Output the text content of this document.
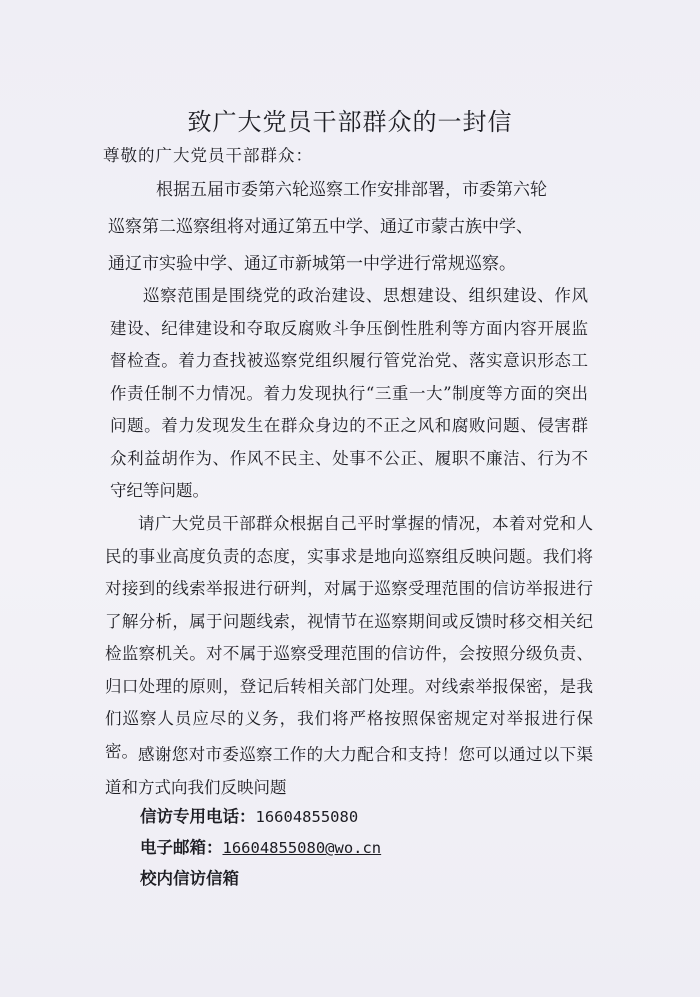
致广大党员干部群众的一封信
尊敬的广大党员干部群众：
根据五届市委第六轮巡察工作安排部署，市委第六轮
巡察第二巡察组将对通辽第五中学、通辽市蒙古族中学、
通辽市实验中学、通辽市新城第一中学进行常规巡察。
巡察范围是围绕党的政治建设、思想建设、组织建设、作风建设、纪律建设和夺取反腐败斗争压倒性胜利等方面内容开展监督检查。着力查找被巡察党组织履行管党治党、落实意识形态工作责任制不力情况。着力发现执行“三重一大”制度等方面的突出问题。着力发现发生在群众身边的不正之风和腐败问题、侵害群众利益胡作为、作风不民主、处事不公正、履职不廉洁、行为不守纪等问题。
请广大党员干部群众根据自己平时掌握的情况，本着对党和人民的事业高度负责的态度，实事求是地向巡察组反映问题。我们将对接到的线索举报进行研判，对属于巡察受理范围的信访举报进行了解分析，属于问题线索，视情节在巡察期间或反馈时移交相关纪检监察机关。对不属于巡察受理范围的信访件，会按照分级负责、归口处理的原则，登记后转相关部门处理。对线索举报保密，是我们巡察人员应尽的义务，我们将严格按照保密规定对举报进行保密。 感谢您对市委巡察工作的大力配合和支持！您可以通过以下渠道和方式向我们反映问题
信访专用电话：16604855080
电子邮箱：16604855080@wo.cn
校内信访信箱
